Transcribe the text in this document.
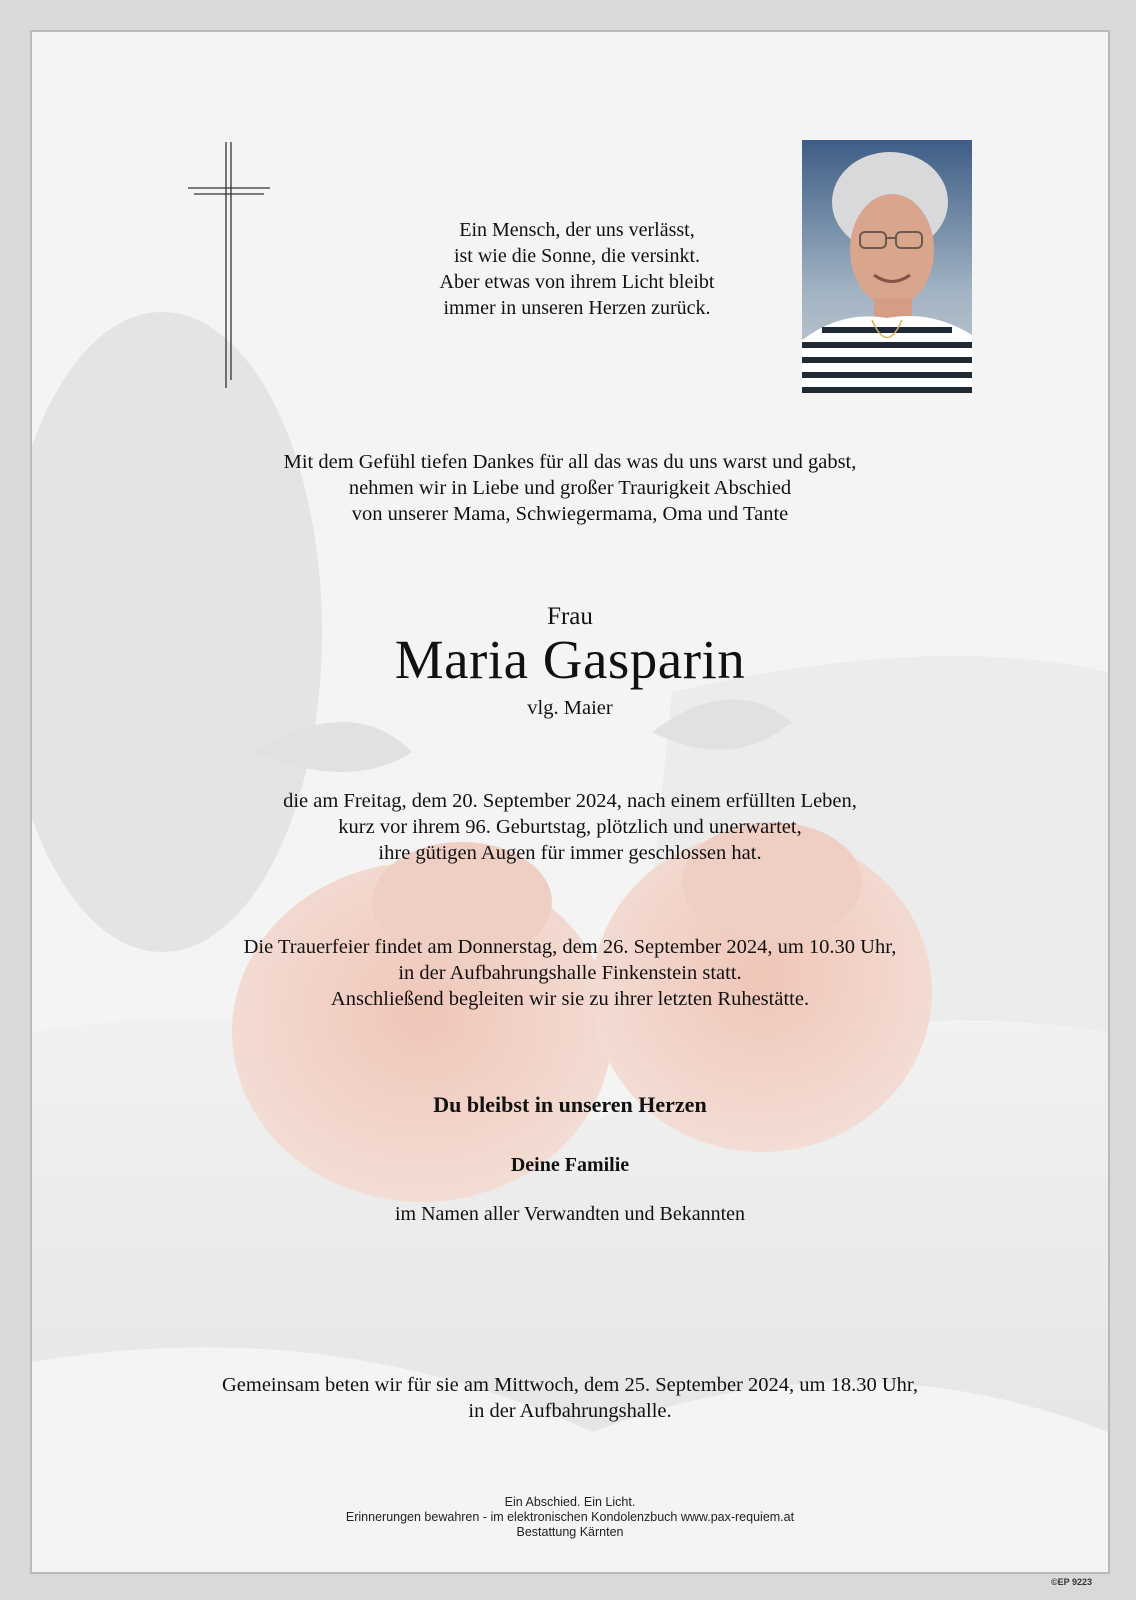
Ein Mensch, der uns verlässt,
ist wie die Sonne, die versinkt.
Aber etwas von ihrem Licht bleibt
immer in unseren Herzen zurück.
Mit dem Gefühl tiefen Dankes für all das was du uns warst und gabst,
nehmen wir in Liebe und großer Traurigkeit Abschied
von unserer Mama, Schwiegermama, Oma und Tante
Frau
Maria Gasparin
vlg. Maier
die am Freitag, dem 20. September 2024, nach einem erfüllten Leben,
kurz vor ihrem 96. Geburtstag, plötzlich und unerwartet,
ihre gütigen Augen für immer geschlossen hat.
Die Trauerfeier findet am Donnerstag, dem 26. September 2024, um 10.30 Uhr,
in der Aufbahrungshalle Finkenstein statt.
Anschließend begleiten wir sie zu ihrer letzten Ruhestätte.
Du bleibst in unseren Herzen
Deine Familie
im Namen aller Verwandten und Bekannten
Gemeinsam beten wir für sie am Mittwoch, dem 25. September 2024, um 18.30 Uhr,
in der Aufbahrungshalle.
Ein Abschied. Ein Licht.
Erinnerungen bewahren - im elektronischen Kondolenzbuch www.pax-requiem.at
Bestattung Kärnten
©EP 9223
